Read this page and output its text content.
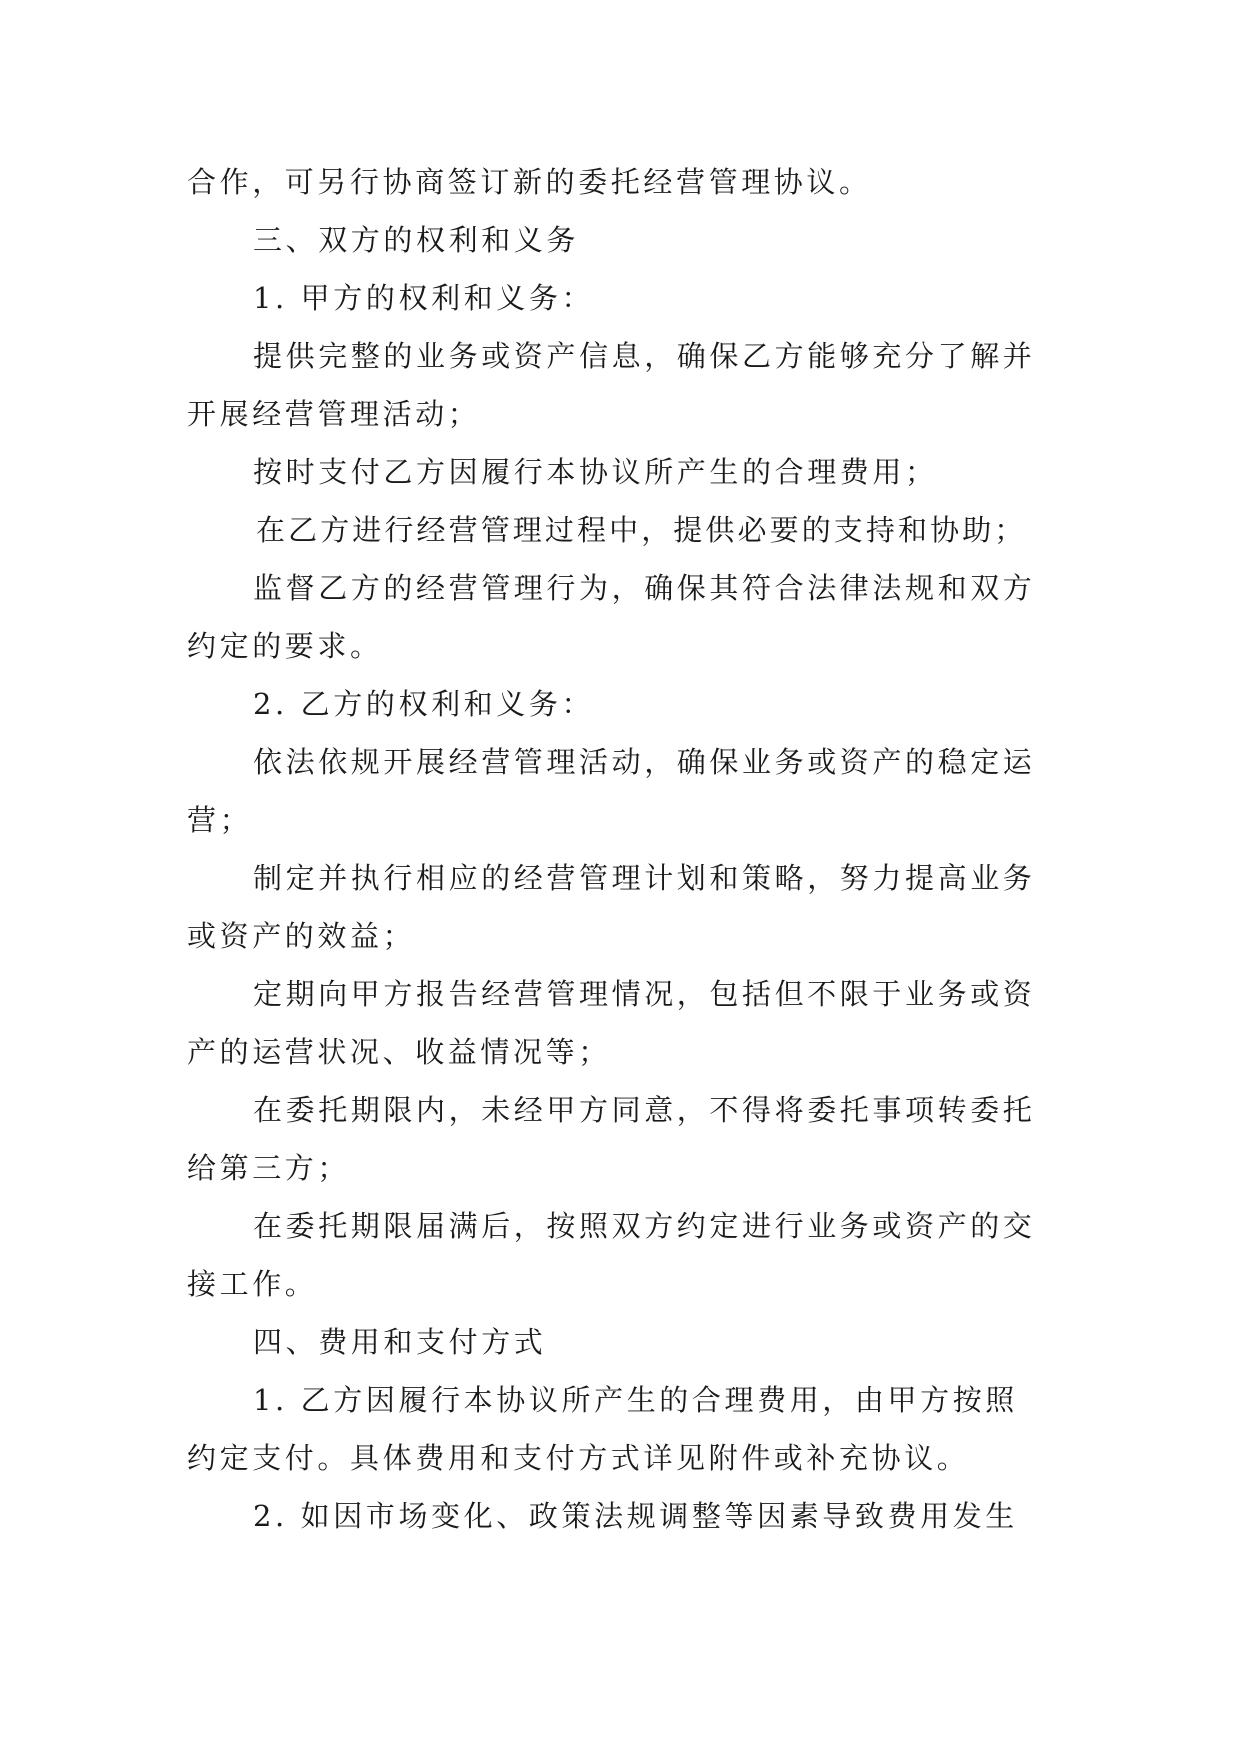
合作，可另行协商签订新的委托经营管理协议。
三、双方的权利和义务
1. 甲方的权利和义务：
提供完整的业务或资产信息，确保乙方能够充分了解并
开展经营管理活动；
按时支付乙方因履行本协议所产生的合理费用；
在乙方进行经营管理过程中，提供必要的支持和协助；
监督乙方的经营管理行为，确保其符合法律法规和双方
约定的要求。
2. 乙方的权利和义务：
依法依规开展经营管理活动，确保业务或资产的稳定运
营；
制定并执行相应的经营管理计划和策略，努力提高业务
或资产的效益；
定期向甲方报告经营管理情况，包括但不限于业务或资
产的运营状况、收益情况等；
在委托期限内，未经甲方同意，不得将委托事项转委托
给第三方；
在委托期限届满后，按照双方约定进行业务或资产的交
接工作。
四、费用和支付方式
1. 乙方因履行本协议所产生的合理费用，由甲方按照
约定支付。具体费用和支付方式详见附件或补充协议。
2. 如因市场变化、政策法规调整等因素导致费用发生
